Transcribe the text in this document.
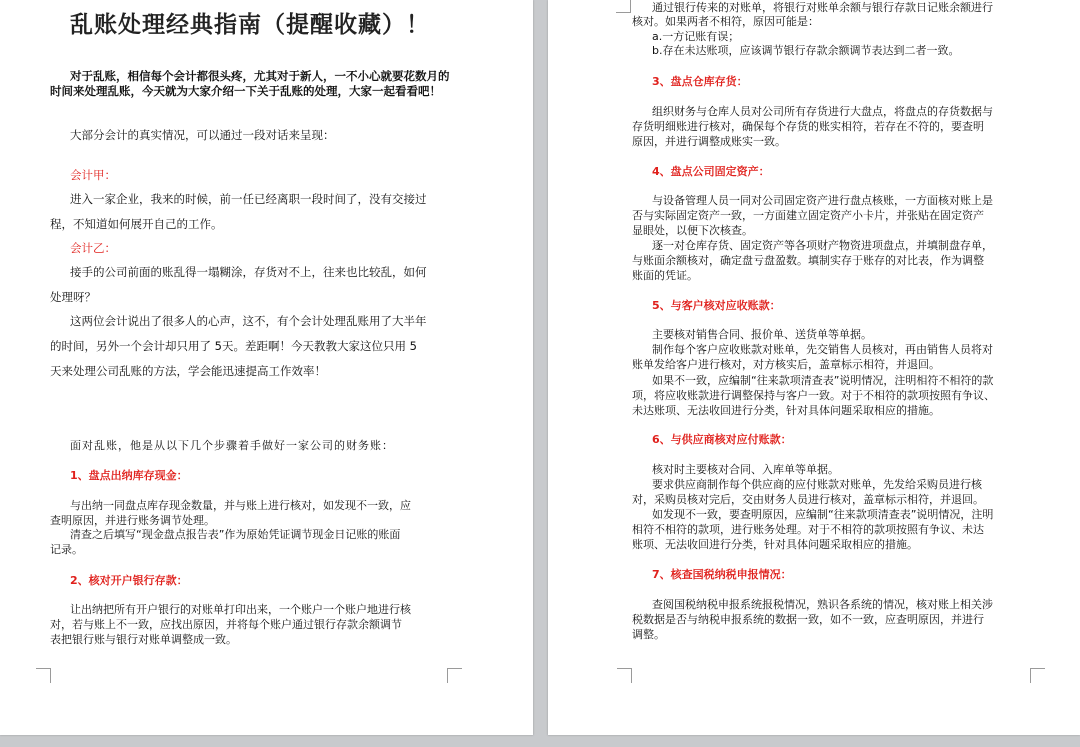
乱账处理经典指南（提醒收藏）！
对于乱账，相信每个会计都很头疼，尤其对于新人，一不小心就要花数月的
时间来处理乱账，今天就为大家介绍一下关于乱账的处理，大家一起看看吧！
大部分会计的真实情况，可以通过一段对话来呈现：
会计甲：
进入一家企业，我来的时候，前一任已经离职一段时间了，没有交接过
程，不知道如何展开自己的工作。
会计乙：
接手的公司前面的账乱得一塌糊涂，存货对不上，往来也比较乱，如何
处理呀？
这两位会计说出了很多人的心声，这不，有个会计处理乱账用了大半年
的时间，另外一个会计却只用了 5天。差距啊！今天教教大家这位只用 5
天来处理公司乱账的方法，学会能迅速提高工作效率！
面对乱账，他是从以下几个步骤着手做好一家公司的财务账：
1、盘点出纳库存现金：
与出纳一同盘点库存现金数量，并与账上进行核对，如发现不一致，应
查明原因，并进行账务调节处理。
清查之后填写“现金盘点报告表”作为原始凭证调节现金日记账的账面
记录。
2、核对开户银行存款：
让出纳把所有开户银行的对账单打印出来，一个账户一个账户地进行核
对，若与账上不一致，应找出原因，并将每个账户通过银行存款余额调节
表把银行账与银行对账单调整成一致。
通过银行传来的对账单，将银行对账单余额与银行存款日记账余额进行
核对。如果两者不相符，原因可能是：
a.一方记账有误；
b.存在未达账项，应该调节银行存款余额调节表达到二者一致。
3、盘点仓库存货：
组织财务与仓库人员对公司所有存货进行大盘点，将盘点的存货数据与
存货明细账进行核对，确保每个存货的账实相符，若存在不符的，要查明
原因，并进行调整成账实一致。
4、盘点公司固定资产：
与设备管理人员一同对公司固定资产进行盘点核账，一方面核对账上是
否与实际固定资产一致，一方面建立固定资产小卡片，并张贴在固定资产
显眼处，以便下次核查。
逐一对仓库存货、固定资产等各项财产物资进项盘点，并填制盘存单，
与账面余额核对，确定盘亏盘盈数。填制实存于账存的对比表，作为调整
账面的凭证。
5、与客户核对应收账款：
主要核对销售合同、报价单、送货单等单据。
制作每个客户应收账款对账单，先交销售人员核对，再由销售人员将对
账单发给客户进行核对，对方核实后，盖章标示相符，并退回。
如果不一致，应编制“往来款项清查表”说明情况，注明相符不相符的款
项，将应收账款进行调整保持与客户一致。对于不相符的款项按照有争议、
未达账项、无法收回进行分类，针对具体问题采取相应的措施。
6、与供应商核对应付账款：
核对时主要核对合同、入库单等单据。
要求供应商制作每个供应商的应付账款对账单，先发给采购员进行核
对，采购员核对完后，交由财务人员进行核对，盖章标示相符，并退回。
如发现不一致，要查明原因，应编制“往来款项清查表”说明情况，注明
相符不相符的款项，进行账务处理。对于不相符的款项按照有争议、未达
账项、无法收回进行分类，针对具体问题采取相应的措施。
7、核查国税纳税申报情况：
查阅国税纳税申报系统报税情况，熟识各系统的情况，核对账上相关涉
税数据是否与纳税申报系统的数据一致，如不一致，应查明原因，并进行
调整。
